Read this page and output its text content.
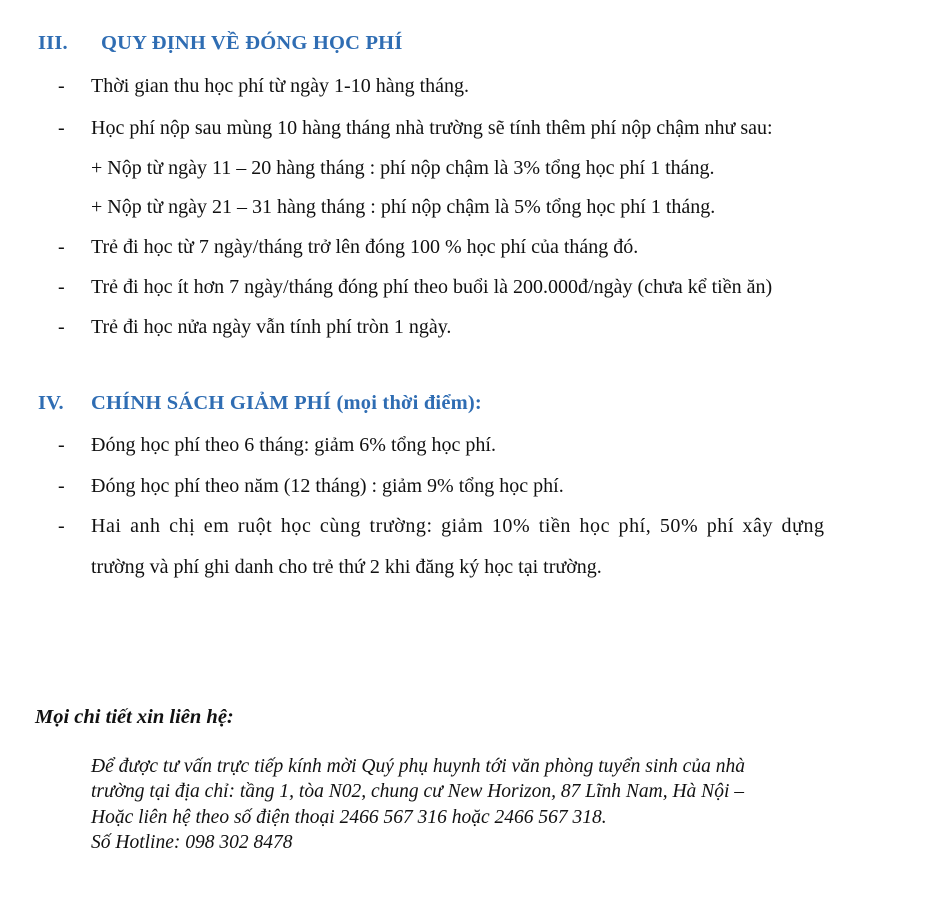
III. QUY ĐỊNH VỀ ĐÓNG HỌC PHÍ
- Thời gian thu học phí từ ngày 1-10 hàng tháng.
- Học phí nộp sau mùng 10 hàng tháng nhà trường sẽ tính thêm phí nộp chậm như sau:
+ Nộp từ ngày 11 – 20 hàng tháng : phí nộp chậm là 3% tổng học phí 1 tháng.
+ Nộp từ ngày 21 – 31 hàng tháng : phí nộp chậm là 5% tổng học phí 1 tháng.
- Trẻ đi học từ 7 ngày/tháng trở lên đóng 100 % học phí của tháng đó.
- Trẻ đi học ít hơn 7 ngày/tháng đóng phí theo buổi là 200.000đ/ngày (chưa kể tiền ăn)
- Trẻ đi học nửa ngày vẫn tính phí tròn 1 ngày.
IV. CHÍNH SÁCH GIẢM PHÍ (mọi thời điểm):
- Đóng học phí theo 6 tháng: giảm 6% tổng học phí.
- Đóng học phí theo năm (12 tháng) : giảm 9% tổng học phí.
- Hai anh chị em ruột học cùng trường: giảm 10% tiền học phí, 50% phí xây dựng
trường và phí ghi danh cho trẻ thứ 2 khi đăng ký học tại trường.
Mọi chi tiết xin liên hệ:
Để được tư vấn trực tiếp kính mời Quý phụ huynh tới văn phòng tuyển sinh của nhà
trường tại địa chỉ: tầng 1, tòa N02, chung cư New Horizon, 87 Lĩnh Nam, Hà Nội –
Hoặc liên hệ theo số điện thoại 2466 567 316 hoặc 2466 567 318.
Số Hotline: 098 302 8478
